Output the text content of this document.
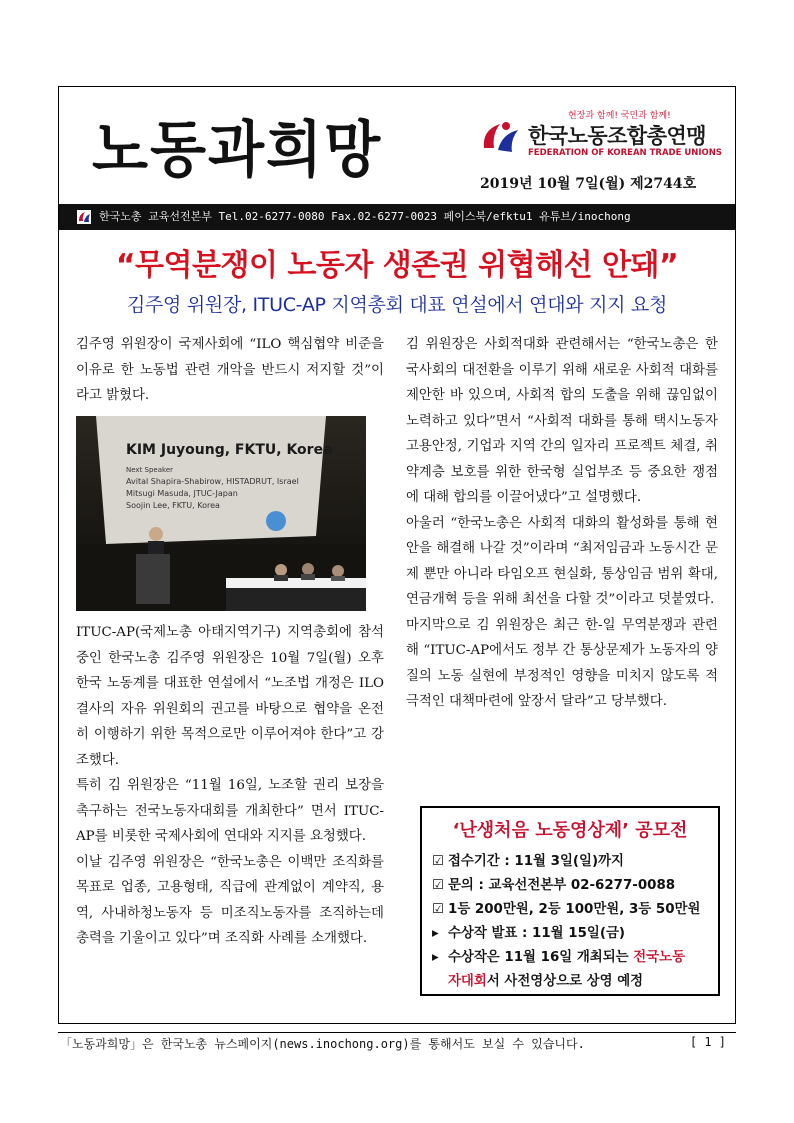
노동과희망	현장과 함께! 국민과 함께!
한국노동조합총연맹
FEDERATION OF KOREAN TRADE UNIONS
2019년 10월 7일(월) 제2744호
한국노총 교육선전본부 Tel.02-6277-0080 Fax.02-6277-0023 페이스북/efktu1 유튜브/inochong
“무역분쟁이 노동자 생존권 위협해선 안돼”
김주영 위원장, ITUC-AP 지역총회 대표 연설에서 연대와 지지 요청

김주영 위원장이 국제사회에 “ILO 핵심협약 비준을 이유로 한 노동법 관련 개악을 반드시 저지할 것”이라고 밝혔다.

KIM Juyoung, FKTU, Korea
Next Speaker
Avital Shapira-Shabirow, HISTADRUT, Israel
Mitsugi Masuda, JTUC-Japan
Soojin Lee, FKTU, Korea

ITUC-AP(국제노총 아태지역기구) 지역총회에 참석 중인 한국노총 김주영 위원장은 10월 7일(월) 오후 한국 노동계를 대표한 연설에서 “노조법 개정은 ILO 결사의 자유 위원회의 권고를 바탕으로 협약을 온전히 이행하기 위한 목적으로만 이루어져야 한다”고 강조했다.

특히 김 위원장은 “11월 16일, 노조할 권리 보장을 촉구하는 전국노동자대회를 개최한다” 면서 ITUC-AP를 비롯한 국제사회에 연대와 지지를 요청했다.

이날 김주영 위원장은 “한국노총은 이백만 조직화를 목표로 업종, 고용형태, 직급에 관계없이 계약직, 용역, 사내하청노동자 등 미조직노동자를 조직하는데 총력을 기울이고 있다”며 조직화 사례를 소개했다.

김 위원장은 사회적대화 관련해서는 “한국노총은 한국사회의 대전환을 이루기 위해 새로운 사회적 대화를 제안한 바 있으며, 사회적 합의 도출을 위해 끊임없이 노력하고 있다”면서 “사회적 대화를 통해 택시노동자 고용안정, 기업과 지역 간의 일자리 프로젝트 체결, 취약계층 보호를 위한 한국형 실업부조 등 중요한 쟁점에 대해 합의를 이끌어냈다”고 설명했다.

아울러 “한국노총은 사회적 대화의 활성화를 통해 현안을 해결해 나갈 것”이라며 “최저임금과 노동시간 문제 뿐만 아니라 타임오프 현실화, 통상임금 범위 확대, 연금개혁 등을 위해 최선을 다할 것”이라고 덧붙였다.

마지막으로 김 위원장은 최근 한-일 무역분쟁과 관련해 “ITUC-AP에서도 정부 간 통상문제가 노동자의 양질의 노동 실현에 부정적인 영향을 미치지 않도록 적극적인 대책마련에 앞장서 달라”고 당부했다.

‘난생처음 노동영상제’ 공모전
☑ 접수기간 : 11월 3일(일)까지
☑ 문의 : 교육선전본부 02-6277-0088
☑ 1등 200만원, 2등 100만원, 3등 50만원
▸ 수상작 발표 : 11월 15일(금)
▸ 수상작은 11월 16일 개최되는 전국노동
자대회서 사전영상으로 상영 예정
「노동과희망」은 한국노총 뉴스페이지(news.inochong.org)를 통해서도 보실 수 있습니다.	[ 1 ]
